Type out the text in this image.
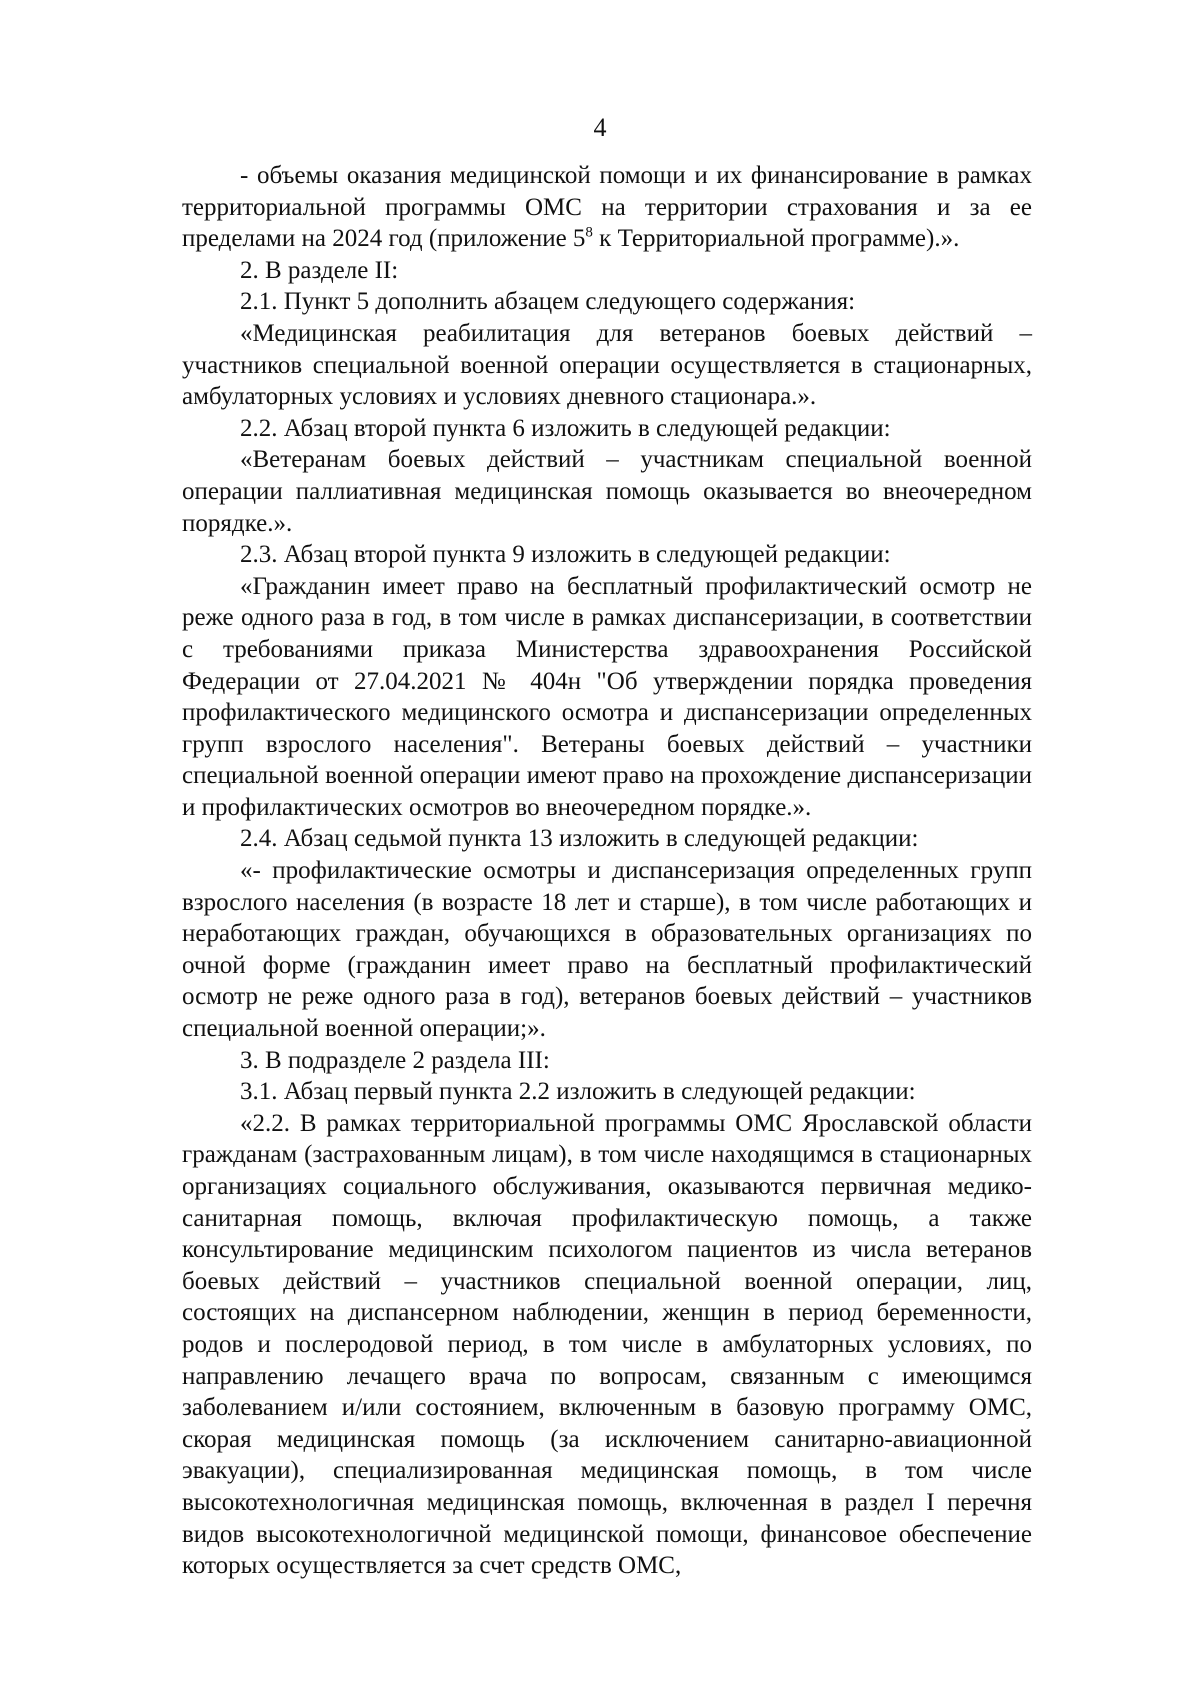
4

- объемы оказания медицинской помощи и их финансирование в рамках территориальной программы ОМС на территории страхования и за ее пределами на 2024 год (приложение $5^8$ к Территориальной программе).».

2. В разделе II:

2.1. Пункт 5 дополнить абзацем следующего содержания:

«Медицинская реабилитация для ветеранов боевых действий – участников специальной военной операции осуществляется в стационарных, амбулаторных условиях и условиях дневного стационара.».

2.2. Абзац второй пункта 6 изложить в следующей редакции:

«Ветеранам боевых действий – участникам специальной военной операции паллиативная медицинская помощь оказывается во внеочередном порядке.».

2.3. Абзац второй пункта 9 изложить в следующей редакции:

«Гражданин имеет право на бесплатный профилактический осмотр не реже одного раза в год, в том числе в рамках диспансеризации, в соответствии с требованиями приказа Министерства здравоохранения Российской Федерации от 27.04.2021 № 404н "Об утверждении порядка проведения профилактического медицинского осмотра и диспансеризации определенных групп взрослого населения". Ветераны боевых действий – участники специальной военной операции имеют право на прохождение диспансеризации и профилактических осмотров во внеочередном порядке.».

2.4. Абзац седьмой пункта 13 изложить в следующей редакции:

«- профилактические осмотры и диспансеризация определенных групп взрослого населения (в возрасте 18 лет и старше), в том числе работающих и неработающих граждан, обучающихся в образовательных организациях по очной форме (гражданин имеет право на бесплатный профилактический осмотр не реже одного раза в год), ветеранов боевых действий – участников специальной военной операции;».

3. В подразделе 2 раздела III:

3.1. Абзац первый пункта 2.2 изложить в следующей редакции:

«2.2. В рамках территориальной программы ОМС Ярославской области гражданам (застрахованным лицам), в том числе находящимся в стационарных организациях социального обслуживания, оказываются первичная медико-санитарная помощь, включая профилактическую помощь, а также консультирование медицинским психологом пациентов из числа ветеранов боевых действий – участников специальной военной операции, лиц, состоящих на диспансерном наблюдении, женщин в период беременности, родов и послеродовой период, в том числе в амбулаторных условиях, по направлению лечащего врача по вопросам, связанным с имеющимся заболеванием и/или состоянием, включенным в базовую программу ОМС, скорая медицинская помощь (за исключением санитарно-авиационной эвакуации), специализированная медицинская помощь, в том числе высокотехнологичная медицинская помощь, включенная в раздел I перечня видов высокотехнологичной медицинской помощи, финансовое обеспечение которых осуществляется за счет средств ОМС,
